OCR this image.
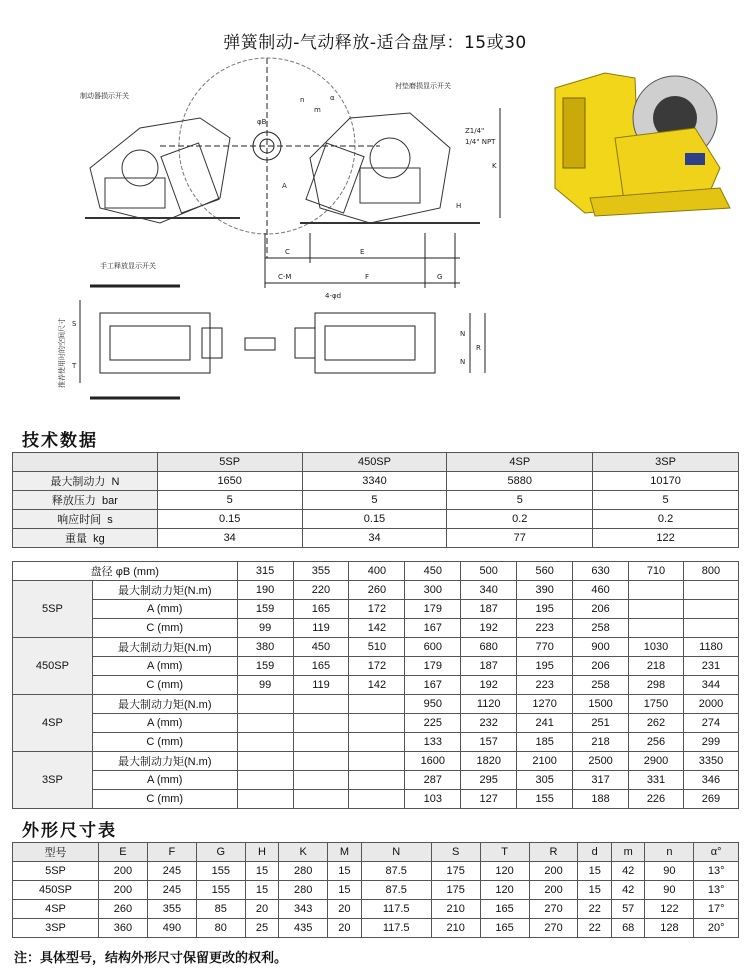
弹簧制动-气动释放-适合盘厚：15或30
制动器损示开关
衬垫磨损显示开关
手工释放显示开关
Z1/4"
1/4" NPT
4-φd
φB
n
m
α
A
K
H
C	E
C-M	F	G
S
T
N
N
R
推荐使用时的空间尺寸
技术数据
	5SP	450SP	4SP	3SP
最大制动力 N	1650	3340	5880	10170
释放压力 bar	5	5	5	5
响应时间 s	0.15	0.15	0.2	0.2
重量 kg	34	34	77	122
盘径 φB (mm)		315	355	400	450	500	560	630	710	800
5SP	最大制动力矩(N.m)	190	220	260	300	340	390	460		
	A (mm)	159	165	172	179	187	195	206		
	C (mm)	99	119	142	167	192	223	258		
450SP	最大制动力矩(N.m)	380	450	510	600	680	770	900	1030	1180
	A (mm)	159	165	172	179	187	195	206	218	231
	C (mm)	99	119	142	167	192	223	258	298	344
4SP	最大制动力矩(N.m)				950	1120	1270	1500	1750	2000
	A (mm)				225	232	241	251	262	274
	C (mm)				133	157	185	218	256	299
3SP	最大制动力矩(N.m)				1600	1820	2100	2500	2900	3350
	A (mm)				287	295	305	317	331	346
	C (mm)				103	127	155	188	226	269
外形尺寸表
型号	E	F	G	H	K	M	N	S	T	R	d	m	n	α°
5SP	200	245	155	15	280	15	87.5	175	120	200	15	42	90	13°
450SP	200	245	155	15	280	15	87.5	175	120	200	15	42	90	13°
4SP	260	355	85	20	343	20	117.5	210	165	270	22	57	122	17°
3SP	360	490	80	25	435	20	117.5	210	165	270	22	68	128	20°
注：具体型号，结构外形尺寸保留更改的权利。
